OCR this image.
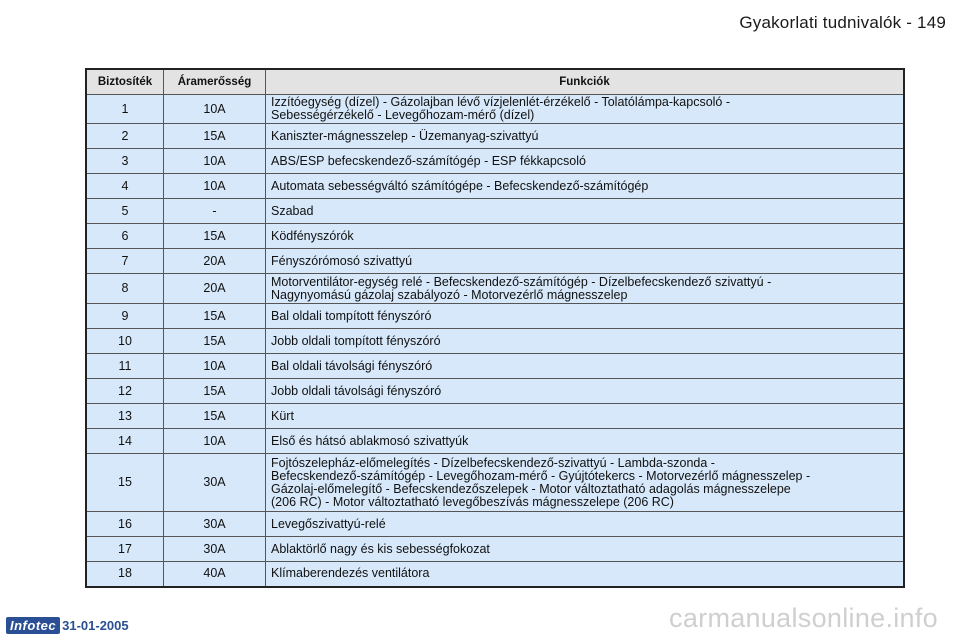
Gyakorlati tudnivalók - 149
Biztosíték	Áramerősség	Funkciók
1	10A	Izzítóegység (dízel) - Gázolajban lévő vízjelenlét-érzékelő - Tolatólámpa-kapcsoló -
Sebességérzékelő - Levegőhozam-mérő (dízel)
2	15A	Kaniszter-mágnesszelep - Üzemanyag-szivattyú
3	10A	ABS/ESP befecskendező-számítógép - ESP fékkapcsoló
4	10A	Automata sebességváltó számítógépe - Befecskendező-számítógép
5	-	Szabad
6	15A	Ködfényszórók
7	20A	Fényszórómosó szivattyú
8	20A	Motorventilátor-egység relé - Befecskendező-számítógép - Dízelbefecskendező szivattyú -
Nagynyomású gázolaj szabályozó - Motorvezérlő mágnesszelep
9	15A	Bal oldali tompított fényszóró
10	15A	Jobb oldali tompított fényszóró
11	10A	Bal oldali távolsági fényszóró
12	15A	Jobb oldali távolsági fényszóró
13	15A	Kürt
14	10A	Első és hátsó ablakmosó szivattyúk
15	30A	Fojtószelepház-előmelegítés - Dízelbefecskendező-szivattyú - Lambda-szonda -
Befecskendező-számítógép - Levegőhozam-mérő - Gyújtótekercs - Motorvezérlő mágnesszelep -
Gázolaj-előmelegítő - Befecskendezőszelepek - Motor változtatható adagolás mágnesszelepe
(206 RC) - Motor változtatható levegőbeszívás mágnesszelepe (206 RC)
16	30A	Levegőszivattyú-relé
17	30A	Ablaktörlő nagy és kis sebességfokozat
18	40A	Klímaberendezés ventilátora
Infotec 31-01-2005	carmanualsonline.info
